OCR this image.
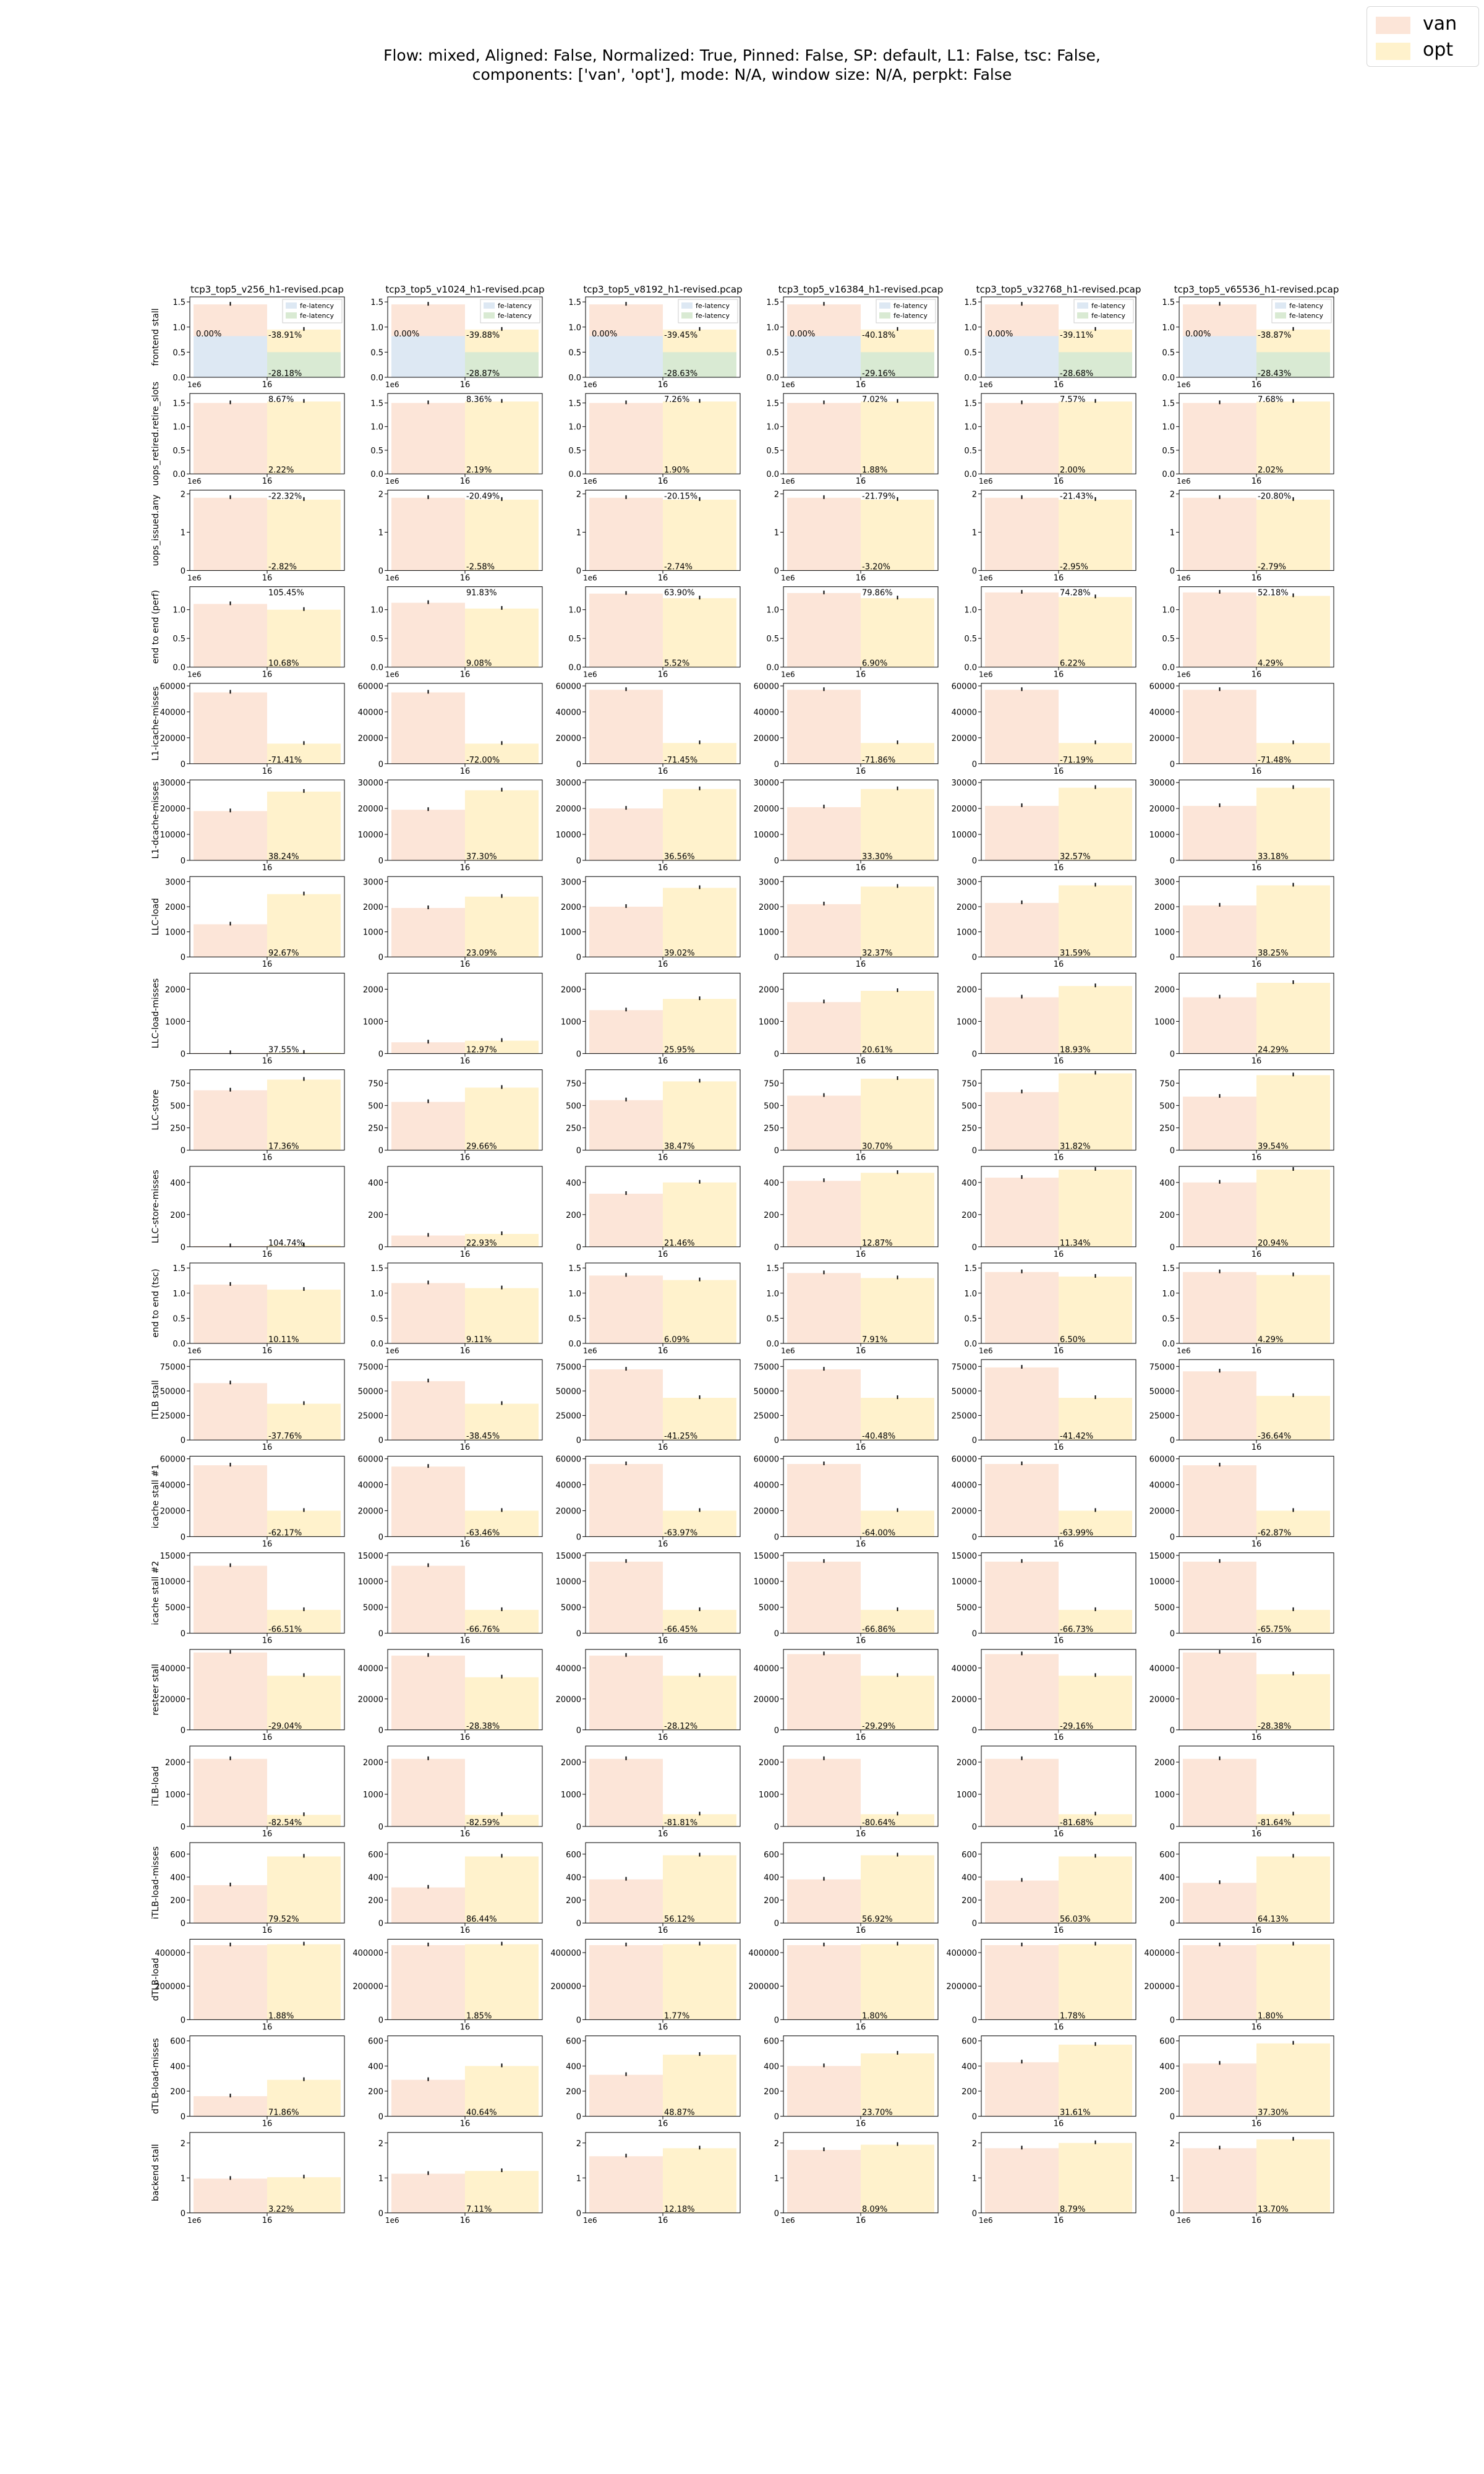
Flow: mixed, Aligned: False, Normalized: True, Pinned: False, SP: default, L1: False, tsc: False,
components: ['van', 'opt'], mode: N/A, window size: N/A, perpkt: False
tcp3_top5_v256_h1-revised.pcap	tcp3_top5_v1024_h1-revised.pcap	tcp3_top5_v8192_h1-revised.pcap	tcp3_top5_v16384_h1-revised.pcap	tcp3_top5_v32768_h1-revised.pcap	tcp3_top5_v65536_h1-revised.pcap
frontend stall
fe-latency
fe-latency
0.0
0.5
1.0
1.5
16
1e6
0.00%	-38.91%
-28.18%
fe-latency
fe-latency
0.0
0.5
1.0
1.5
16
1e6
0.00%	-39.88%
-28.87%
fe-latency
fe-latency
0.0
0.5
1.0
1.5
16
1e6
0.00%	-39.45%
-28.63%
fe-latency
fe-latency
0.0
0.5
1.0
1.5
16
1e6
0.00%	-40.18%
-29.16%
fe-latency
fe-latency
0.0
0.5
1.0
1.5
16
1e6
0.00%	-39.11%
-28.68%
fe-latency
fe-latency
0.0
0.5
1.0
1.5
16
1e6
0.00%	-38.87%
-28.43%
uops_retired.retire_slots 0.0
0.5
1.0
1.5
16
1e6
8.67%
2.22%	0.0
0.5
1.0
1.5
16
1e6
8.36%
2.19%	0.0
0.5
1.0
1.5
16
1e6
7.26%
1.90%	0.0
0.5
1.0
1.5
16
1e6
7.02%
1.88%	0.0
0.5
1.0
1.5
16
1e6
7.57%
2.00%	0.0
0.5
1.0
1.5
16
1e6
7.68%
2.02%
uops_issued.any
0
1
2
16
1e6
-22.32%
-2.82%	0
1
2
16
1e6
-20.49%
-2.58%	0
1
2
16
1e6
-20.15%
-2.74%	0
1
2
16
1e6
-21.79%
-3.20%	0
1
2
16
1e6
-21.43%
-2.95%	0
1
2
16
1e6
-20.80%
-2.79%
end to end (perf)
0.0
0.5
1.0
16
1e6
105.45%
10.68%	0.0
0.5
1.0
16
1e6
91.83%
9.08%	0.0
0.5
1.0
16
1e6
63.90%
5.52%	0.0
0.5
1.0
16
1e6
79.86%
6.90%	0.0
0.5
1.0
16
1e6
74.28%
6.22%	0.0
0.5
1.0
16
1e6
52.18%
4.29%
L1-icache-misses
0
20000
40000
60000
16
-71.41%	0
20000
40000
60000
16
-72.00%	0
20000
40000
60000
16
-71.45%	0
20000
40000
60000
16
-71.86%	0
20000
40000
60000
16
-71.19%	0
20000
40000
60000
16
-71.48%
L1-dcache-misses
0
10000
20000
30000
16
38.24%	0
10000
20000
30000
16
37.30%	0
10000
20000
30000
16
36.56%	0
10000
20000
30000
16
33.30%	0
10000
20000
30000
16
32.57%	0
10000
20000
30000
16
33.18%
LLC-load
0
1000
2000
3000
16
92.67%	0
1000
2000
3000
16
23.09%	0
1000
2000
3000
16
39.02%	0
1000
2000
3000
16
32.37%	0
1000
2000
3000
16
31.59%	0
1000
2000
3000
16
38.25%
LLC-load-misses
0
1000
2000
16
37.55%	0
1000
2000
16
12.97%	0
1000
2000
16
25.95%	0
1000
2000
16
20.61%	0
1000
2000
16
18.93%	0
1000
2000
16
24.29%
LLC-store
0
250
500
750
16
17.36%	0
250
500
750
16
29.66%	0
250
500
750
16
38.47%	0
250
500
750
16
30.70%	0
250
500
750
16
31.82%	0
250
500
750
16
39.54%
LLC-store-misses
0
200
400
16
104.74%	0
200
400
16
22.93%	0
200
400
16
21.46%	0
200
400
16
12.87%	0
200
400
16
11.34%	0
200
400
16
20.94%
end to end (tsc)
0.0
0.5
1.0
1.5
16
1e6
10.11%	0.0
0.5
1.0
1.5
16
1e6
9.11%	0.0
0.5
1.0
1.5
16
1e6
6.09%	0.0
0.5
1.0
1.5
16
1e6
7.91%	0.0
0.5
1.0
1.5
16
1e6
6.50%	0.0
0.5
1.0
1.5
16
1e6
4.29%
ITLB stall
0
25000
50000
75000
16
-37.76%	0
25000
50000
75000
16
-38.45%	0
25000
50000
75000
16
-41.25%	0
25000
50000
75000
16
-40.48%	0
25000
50000
75000
16
-41.42%	0
25000
50000
75000
16
-36.64%
icache stall #1
0
20000
40000
60000
16
-62.17%	0
20000
40000
60000
16
-63.46%	0
20000
40000
60000
16
-63.97%	0
20000
40000
60000
16
-64.00%	0
20000
40000
60000
16
-63.99%	0
20000
40000
60000
16
-62.87%
icache stall #2
0
5000
10000
15000
16
-66.51%	0
5000
10000
15000
16
-66.76%	0
5000
10000
15000
16
-66.45%	0
5000
10000
15000
16
-66.86%	0
5000
10000
15000
16
-66.73%	0
5000
10000
15000
16
-65.75%
resteer stall
0
20000
40000
16
-29.04%	0
20000
40000
16
-28.38%	0
20000
40000
16
-28.12%	0
20000
40000
16
-29.29%	0
20000
40000
16
-29.16%	0
20000
40000
16
-28.38%
iTLB-load
0
1000
2000
16
-82.54%	0
1000
2000
16
-82.59%	0
1000
2000
16
-81.81%	0
1000
2000
16
-80.64%	0
1000
2000
16
-81.68%	0
1000
2000
16
-81.64%
iTLB-load-misses
0
200
400
600
16
79.52%	0
200
400
600
16
86.44%	0
200
400
600
16
56.12%	0
200
400
600
16
56.92%	0
200
400
600
16
56.03%	0
200
400
600
16
64.13%
dTLB-load
0
200000
400000
16
1.88%	0
200000
400000
16
1.85%	0
200000
400000
16
1.77%	0
200000
400000
16
1.80%	0
200000
400000
16
1.78%	0
200000
400000
16
1.80%
dTLB-load-misses
0
200
400
600
16
71.86%	0
200
400
600
16
40.64%	0
200
400
600
16
48.87%	0
200
400
600
16
23.70%	0
200
400
600
16
31.61%	0
200
400
600
16
37.30%
backend stall
0
1
2
16
1e6
3.22%	0
1
2
16
1e6
7.11%	0
1
2
16
1e6
12.18%	0
1
2
16
1e6
8.09%	0
1
2
16
1e6
8.79%	0
1
2
16
1e6
13.70%
van
opt
